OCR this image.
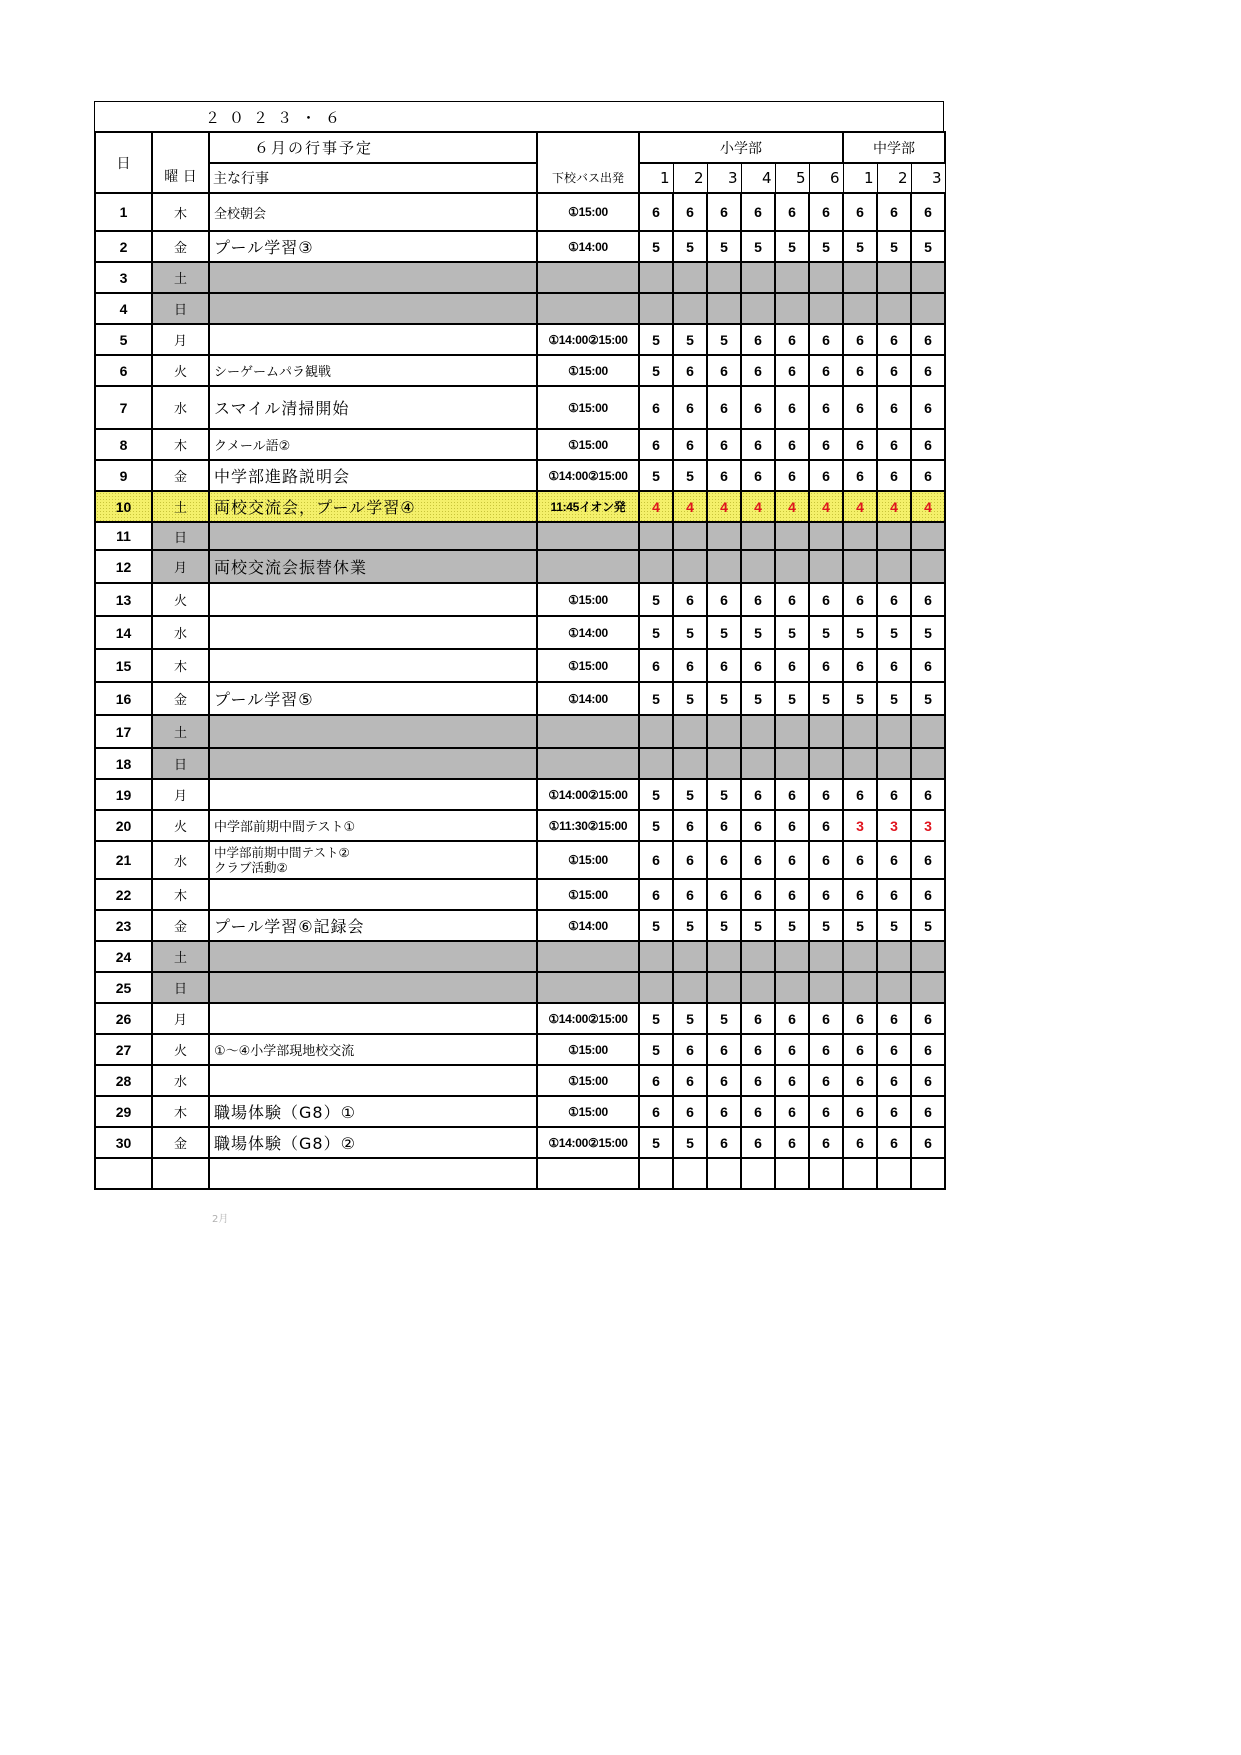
２０２３・６
日	曜 日	６月の行事予定	下校バス出発	小学部						中学部		
		主な行事		1	2	3	4	5	6	1	2	3
1	木	全校朝会	①15:00	6	6	6	6	6	6	6	6	6
2	金	プール学習③	①14:00	5	5	5	5	5	5	5	5	5
3	土											
4	日											
5	月		①14:00②15:00	5	5	5	6	6	6	6	6	6
6	火	シーゲームパラ観戦	①15:00	5	6	6	6	6	6	6	6	6
7	水	スマイル清掃開始	①15:00	6	6	6	6	6	6	6	6	6
8	木	クメール語②	①15:00	6	6	6	6	6	6	6	6	6
9	金	中学部進路説明会	①14:00②15:00	5	5	6	6	6	6	6	6	6
10	土	両校交流会，プール学習④	11:45イオン発	4	4	4	4	4	4	4	4	4
11	日											
12	月	両校交流会振替休業										
13	火		①15:00	5	6	6	6	6	6	6	6	6
14	水		①14:00	5	5	5	5	5	5	5	5	5
15	木		①15:00	6	6	6	6	6	6	6	6	6
16	金	プール学習⑤	①14:00	5	5	5	5	5	5	5	5	5
17	土											
18	日											
19	月		①14:00②15:00	5	5	5	6	6	6	6	6	6
20	火	中学部前期中間テスト①	①11:30②15:00	5	6	6	6	6	6	3	3	3
21	水	中学部前期中間テスト②
クラブ活動②	①15:00	6	6	6	6	6	6	6	6	6
22	木		①15:00	6	6	6	6	6	6	6	6	6
23	金	プール学習⑥記録会	①14:00	5	5	5	5	5	5	5	5	5
24	土											
25	日											
26	月		①14:00②15:00	5	5	5	6	6	6	6	6	6
27	火	①～④小学部現地校交流	①15:00	5	6	6	6	6	6	6	6	6
28	水		①15:00	6	6	6	6	6	6	6	6	6
29	木	職場体験（G8）①	①15:00	6	6	6	6	6	6	6	6	6
30	金	職場体験（G8）②	①14:00②15:00	5	5	6	6	6	6	6	6	6

2月
